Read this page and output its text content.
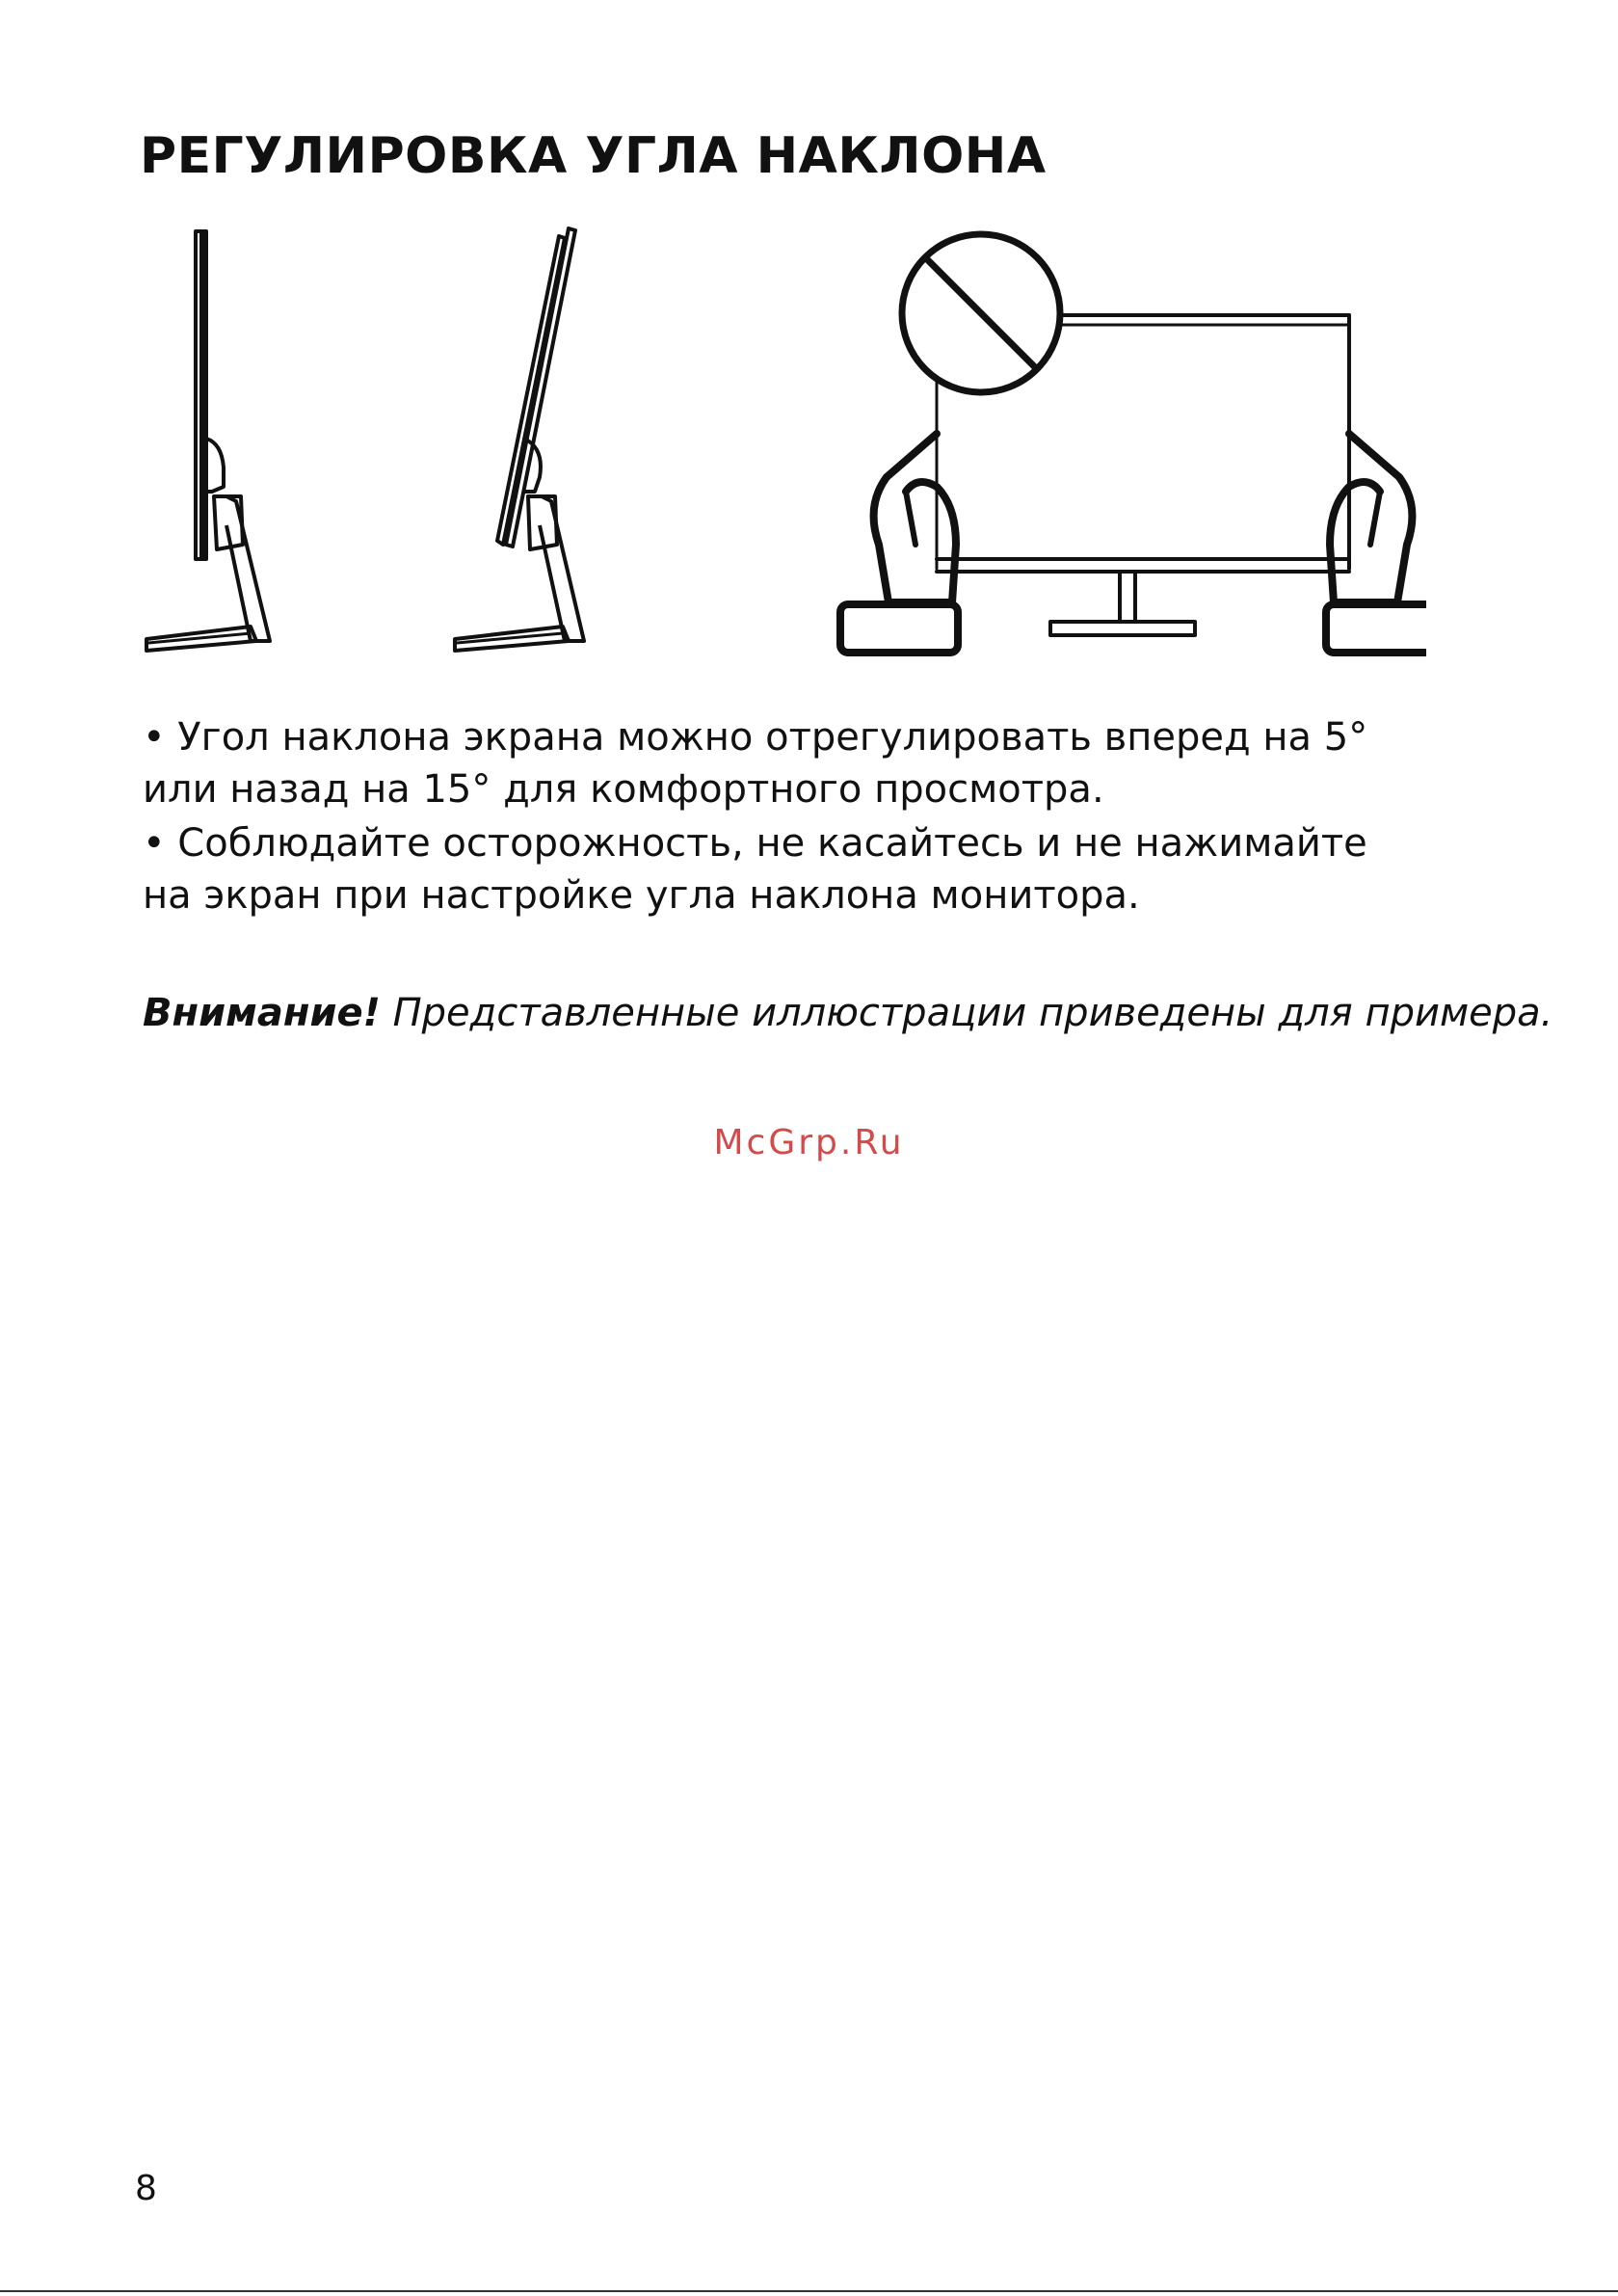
РЕГУЛИРОВКА УГЛА НАКЛОНА

• Угол наклона экрана можно отрегулировать вперед на 5° или назад на 15° для комфортного просмотра.

• Соблюдайте осторожность, не касайтесь и не нажимайте на экран при настройке угла наклона монитора.

Внимание! Представленные иллюстрации приведены для примера.
McGrp.Ru
8
